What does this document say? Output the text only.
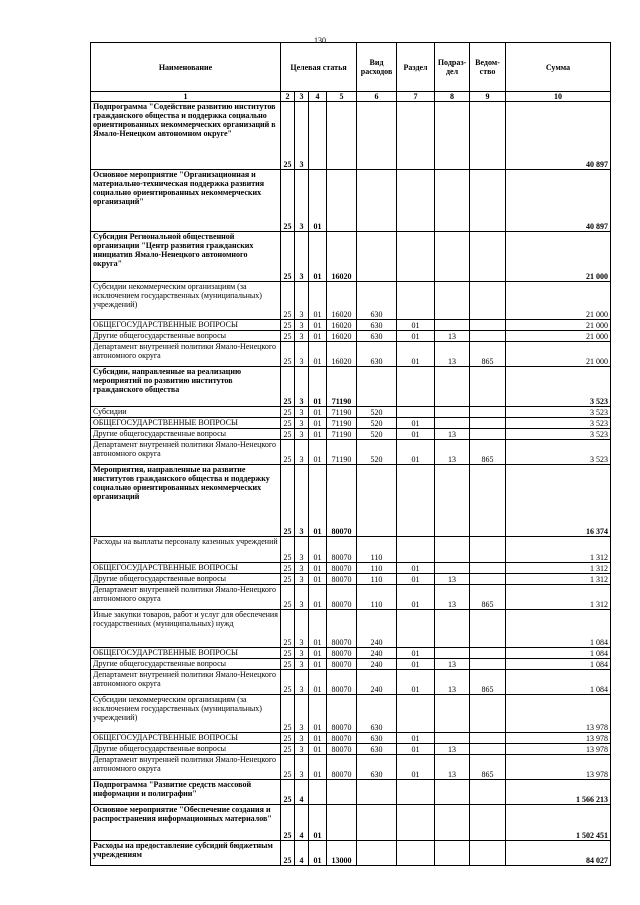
130
Наименование	Целевая статья				Вид расходов	Раздел	Подраз-дел	Ведом-ство	Сумма
1	2	3	4	5	6	7	8	9	10
Подпрограмма "Содействие развитию институтов гражданского общества и поддержка социально ориентированных некоммерческих организаций в Ямало-Ненецком автономном округе"	25	3							40 897
Основное мероприятие "Организационная и материально-техническая поддержка развития социально ориентированных некоммерческих организаций"	25	3	01						40 897
Субсидия Региональной общественной организации "Центр развития гражданских инициатив Ямало-Ненецкого автономного округа"	25	3	01	16020					21 000
Субсидии некоммерческим организациям (за исключением государственных (муниципальных) учреждений)	25	3	01	16020	630				21 000
ОБЩЕГОСУДАРСТВЕННЫЕ ВОПРОСЫ	25	3	01	16020	630	01			21 000
Другие общегосударственные вопросы	25	3	01	16020	630	01	13		21 000
Департамент внутренней политики Ямало-Ненецкого автономного округа	25	3	01	16020	630	01	13	865	21 000
Субсидии, направленные на реализацию мероприятий по развитию институтов гражданского общества	25	3	01	71190					3 523
Субсидии	25	3	01	71190	520				3 523
ОБЩЕГОСУДАРСТВЕННЫЕ ВОПРОСЫ	25	3	01	71190	520	01			3 523
Другие общегосударственные вопросы	25	3	01	71190	520	01	13		3 523
Департамент внутренней политики Ямало-Ненецкого автономного округа	25	3	01	71190	520	01	13	865	3 523
Мероприятия, направленные на развитие институтов гражданского общества и поддержку социально ориентированных некоммерческих организаций	25	3	01	80070					16 374
Расходы на выплаты персоналу казенных учреждений	25	3	01	80070	110				1 312
ОБЩЕГОСУДАРСТВЕННЫЕ ВОПРОСЫ	25	3	01	80070	110	01			1 312
Другие общегосударственные вопросы	25	3	01	80070	110	01	13		1 312
Департамент внутренней политики Ямало-Ненецкого автономного округа	25	3	01	80070	110	01	13	865	1 312
Иные закупки товаров, работ и услуг для обеспечения государственных (муниципальных) нужд	25	3	01	80070	240				1 084
ОБЩЕГОСУДАРСТВЕННЫЕ ВОПРОСЫ	25	3	01	80070	240	01			1 084
Другие общегосударственные вопросы	25	3	01	80070	240	01	13		1 084
Департамент внутренней политики Ямало-Ненецкого автономного округа	25	3	01	80070	240	01	13	865	1 084
Субсидии некоммерческим организациям (за исключением государственных (муниципальных) учреждений)	25	3	01	80070	630				13 978
ОБЩЕГОСУДАРСТВЕННЫЕ ВОПРОСЫ	25	3	01	80070	630	01			13 978
Другие общегосударственные вопросы	25	3	01	80070	630	01	13		13 978
Департамент внутренней политики Ямало-Ненецкого автономного округа	25	3	01	80070	630	01	13	865	13 978
Подпрограмма "Развитие средств массовой информации и полиграфии"	25	4							1 566 213
Основное мероприятие "Обеспечение создания и распространения информационных материалов"	25	4	01						1 502 451
Расходы на предоставление субсидий бюджетным учреждениям	25	4	01	13000					84 027
